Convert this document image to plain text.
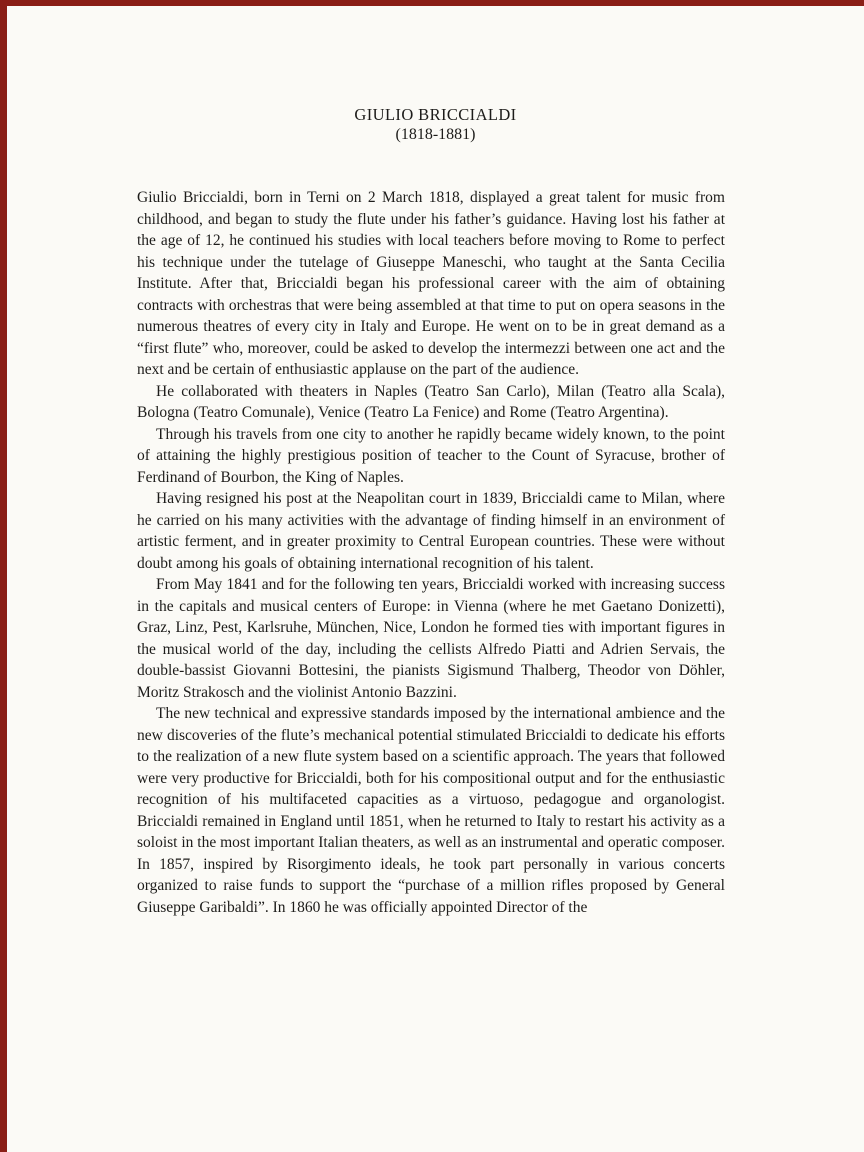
GIULIO BRICCIALDI
(1818-1881)

Giulio Briccialdi, born in Terni on 2 March 1818, displayed a great talent for music from childhood, and began to study the flute under his father’s guidance. Having lost his father at the age of 12, he continued his studies with local teachers before moving to Rome to perfect his technique under the tutelage of Giuseppe Maneschi, who taught at the Santa Cecilia Institute. After that, Briccialdi began his professional career with the aim of obtaining contracts with orchestras that were being assembled at that time to put on opera seasons in the numerous theatres of every city in Italy and Europe. He went on to be in great demand as a “first flute” who, moreover, could be asked to develop the intermezzi between one act and the next and be certain of enthusiastic applause on the part of the audience.

He collaborated with theaters in Naples (Teatro San Carlo), Milan (Teatro alla Scala), Bologna (Teatro Comunale), Venice (Teatro La Fenice) and Rome (Teatro Argentina).

Through his travels from one city to another he rapidly became widely known, to the point of attaining the highly prestigious position of teacher to the Count of Syracuse, brother of Ferdinand of Bourbon, the King of Naples.

Having resigned his post at the Neapolitan court in 1839, Briccialdi came to Milan, where he carried on his many activities with the advantage of finding himself in an environment of artistic ferment, and in greater proximity to Central European countries. These were without doubt among his goals of obtaining international recognition of his talent.

From May 1841 and for the following ten years, Briccialdi worked with increasing success in the capitals and musical centers of Europe: in Vienna (where he met Gaetano Donizetti), Graz, Linz, Pest, Karlsruhe, München, Nice, London he formed ties with important figures in the musical world of the day, including the cellists Alfredo Piatti and Adrien Servais, the double-bassist Giovanni Bottesini, the pianists Sigismund Thalberg, Theodor von Döhler, Moritz Strakosch and the violinist Antonio Bazzini.

The new technical and expressive standards imposed by the international ambience and the new discoveries of the flute’s mechanical potential stimulated Briccialdi to dedicate his efforts to the realization of a new flute system based on a scientific approach. The years that followed were very productive for Briccialdi, both for his compositional output and for the enthusiastic recognition of his multifaceted capacities as a virtuoso, pedagogue and organologist. Briccialdi remained in England until 1851, when he returned to Italy to restart his activity as a soloist in the most important Italian theaters, as well as an instrumental and operatic composer. In 1857, inspired by Risorgimento ideals, he took part personally in various concerts organized to raise funds to support the “purchase of a million rifles proposed by General Giuseppe Garibaldi”. In 1860 he was officially appointed Director of the
